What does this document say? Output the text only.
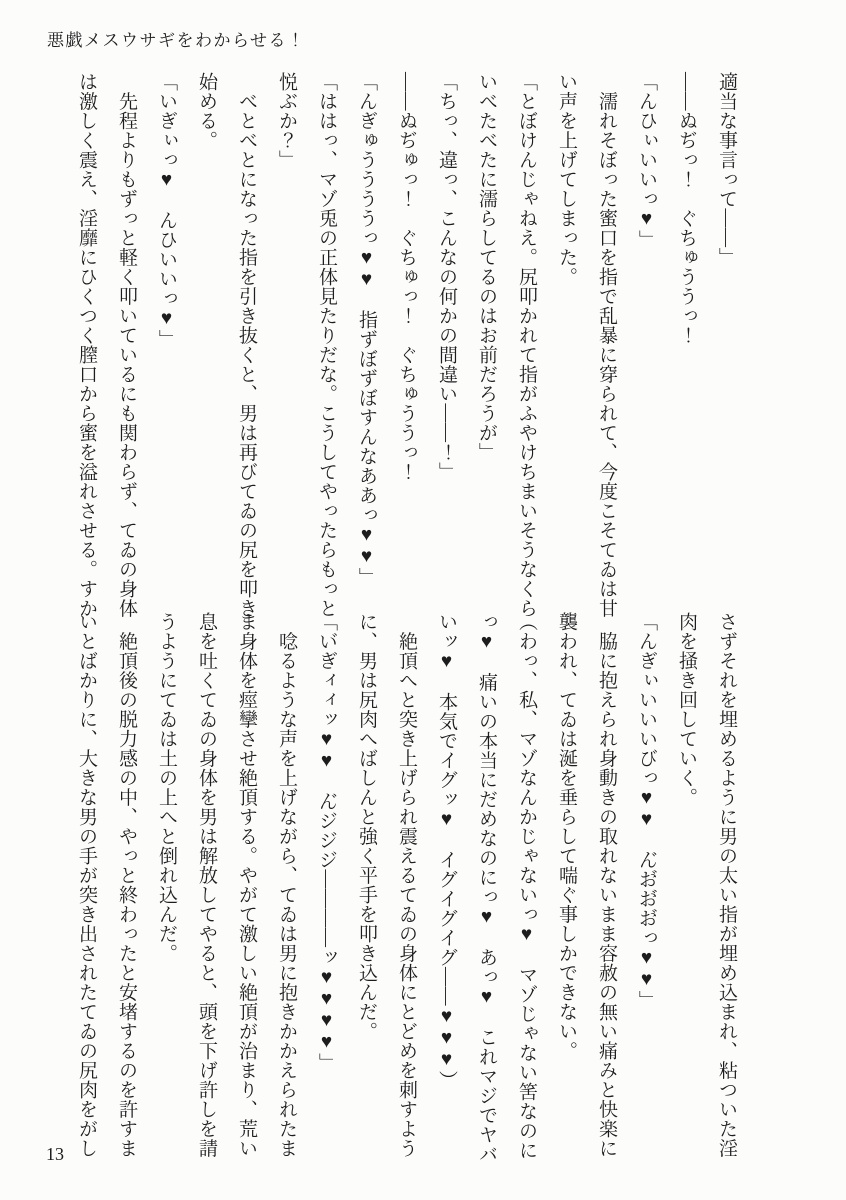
悪戯メスウサギをわからせる！

適当な事言って――」

――ぬぢっ！　ぐちゅううっ！

「んひぃいいっ♥」

　濡れそぼった蜜口を指で乱暴に穿られて、今度こそてゐは甘

い声を上げてしまった。

「とぼけんじゃねえ。尻叩かれて指がふやけちまいそうなくら

いべたべたに濡らしてるのはお前だろうが」

「ちっ、違っ、こんなの何かの間違い――！」

――ぬぢゅっ！　ぐちゅっ！　ぐちゅううっ！

「んぎゅううううっ♥♥　指ずぼずぼすんなああっ♥♥」

「ははっ、マゾ兎の正体見たりだな。こうしてやったらもっと

悦ぶか？」

　べとべとになった指を引き抜くと、男は再びてゐの尻を叩き

始める。

「いぎぃっ♥　んひいいっ♥」

　先程よりもずっと軽く叩いているにも関わらず、てゐの身体

は激しく震え、淫靡にひくつく膣口から蜜を溢れさせる。すか

さずそれを埋めるように男の太い指が埋め込まれ、粘ついた淫

肉を掻き回していく。

「んぎぃいいいびっ♥♥　ん゙お゙お゙お゙っ♥♥」

　脇に抱えられ身動きの取れないまま容赦の無い痛みと快楽に

襲われ、てゐは涎を垂らして喘ぐ事しかできない。

（わっ、私、マゾなんかじゃないっ♥　マゾじゃない筈なのに

っ♥　痛いの本当にだめなのにっ♥　あっ♥　これマジでヤバ

いッ♥　本気でイグッ♥　イグイグイグ――♥♥♥）

　絶頂へと突き上げられ震えるてゐの身体にとどめを刺すよう

に、男は尻肉へばしんと強く平手を叩き込んだ。

「い゙ぎィィッ♥♥　ん゙ジジジ――――ッ♥♥♥♥」

　唸るような声を上げながら、てゐは男に抱きかかえられたま

ま身体を痙攣させ絶頂する。やがて激しい絶頂が治まり、荒い

息を吐くてゐの身体を男は解放してやると、頭を下げ許しを請

うようにてゐは土の上へと倒れ込んだ。

　絶頂後の脱力感の中、やっと終わったと安堵するのを許すま

いとばかりに、大きな男の手が突き出されたてゐの尻肉をがし

13
